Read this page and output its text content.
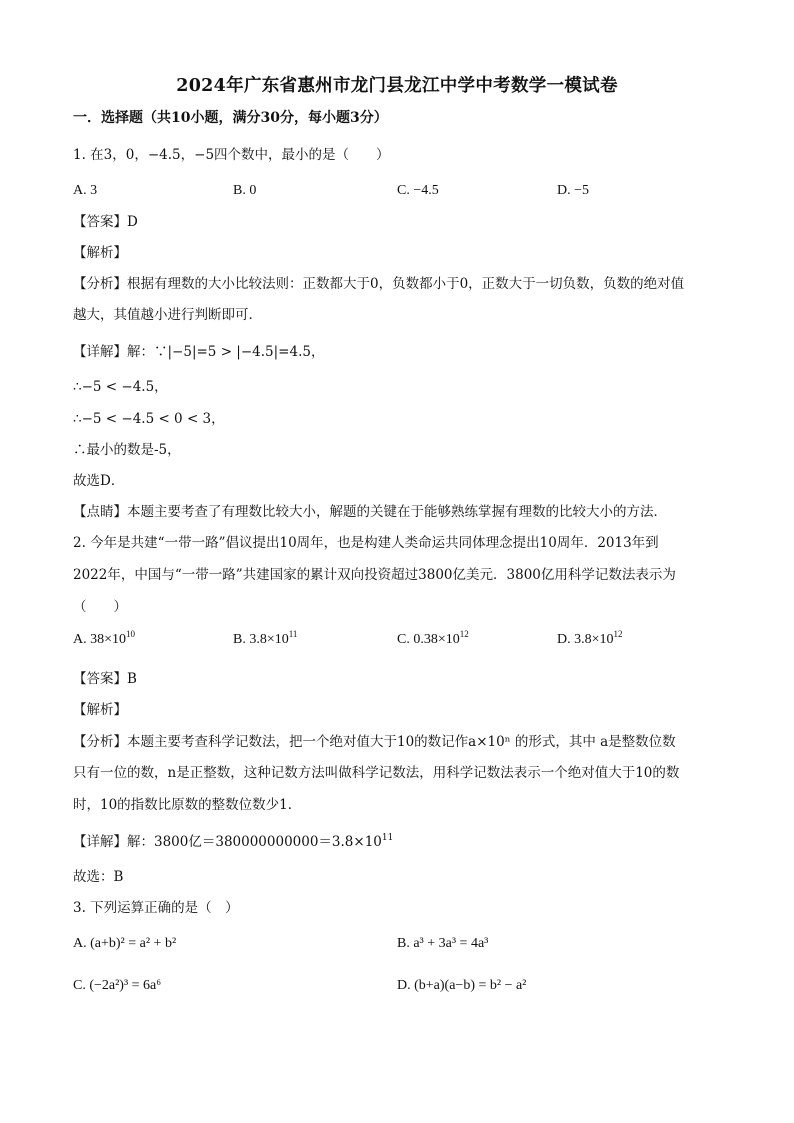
2024年广东省惠州市龙门县龙江中学中考数学一模试卷
一．选择题（共10小题，满分30分，每小题3分）
1. 在3，0，−4.5，−5四个数中，最小的是（　　）
A. 3	B. 0	C. −4.5	D. −5
【答案】D
【解析】
【分析】根据有理数的大小比较法则：正数都大于0，负数都小于0，正数大于一切负数，负数的绝对值
越大，其值越小进行判断即可．
【详解】解：∵|−5|=5 > |−4.5|=4.5，
∴−5 < −4.5，
∴−5 < −4.5 < 0 < 3，
∴最小的数是-5，
故选D．
【点睛】本题主要考查了有理数比较大小，解题的关键在于能够熟练掌握有理数的比较大小的方法．
2. 今年是共建“一带一路”倡议提出10周年，也是构建人类命运共同体理念提出10周年．2013年到
2022年，中国与“一带一路”共建国家的累计双向投资超过3800亿美元．3800亿用科学记数法表示为
（　　）
A. $38\times 10^{10}$	B. $3.8\times 10^{11}$	C. $0.38\times 10^{12}$	D. $3.8\times 10^{12}$
【答案】B
【解析】
【分析】本题主要考查科学记数法，把一个绝对值大于10的数记作a×10ⁿ 的形式，其中 a是整数位数
只有一位的数，n是正整数，这种记数方法叫做科学记数法，用科学记数法表示一个绝对值大于10的数
时，10的指数比原数的整数位数少1．
【详解】解：3800亿$=380000000000=3.8\times 10^{11}$
故选：B
3. 下列运算正确的是（　）
A. (a+b)² = a² + b²	B. a³ + 3a³ = 4a³
C. (−2a²)³ = 6a⁶	D. (b+a)(a−b) = b² − a²
